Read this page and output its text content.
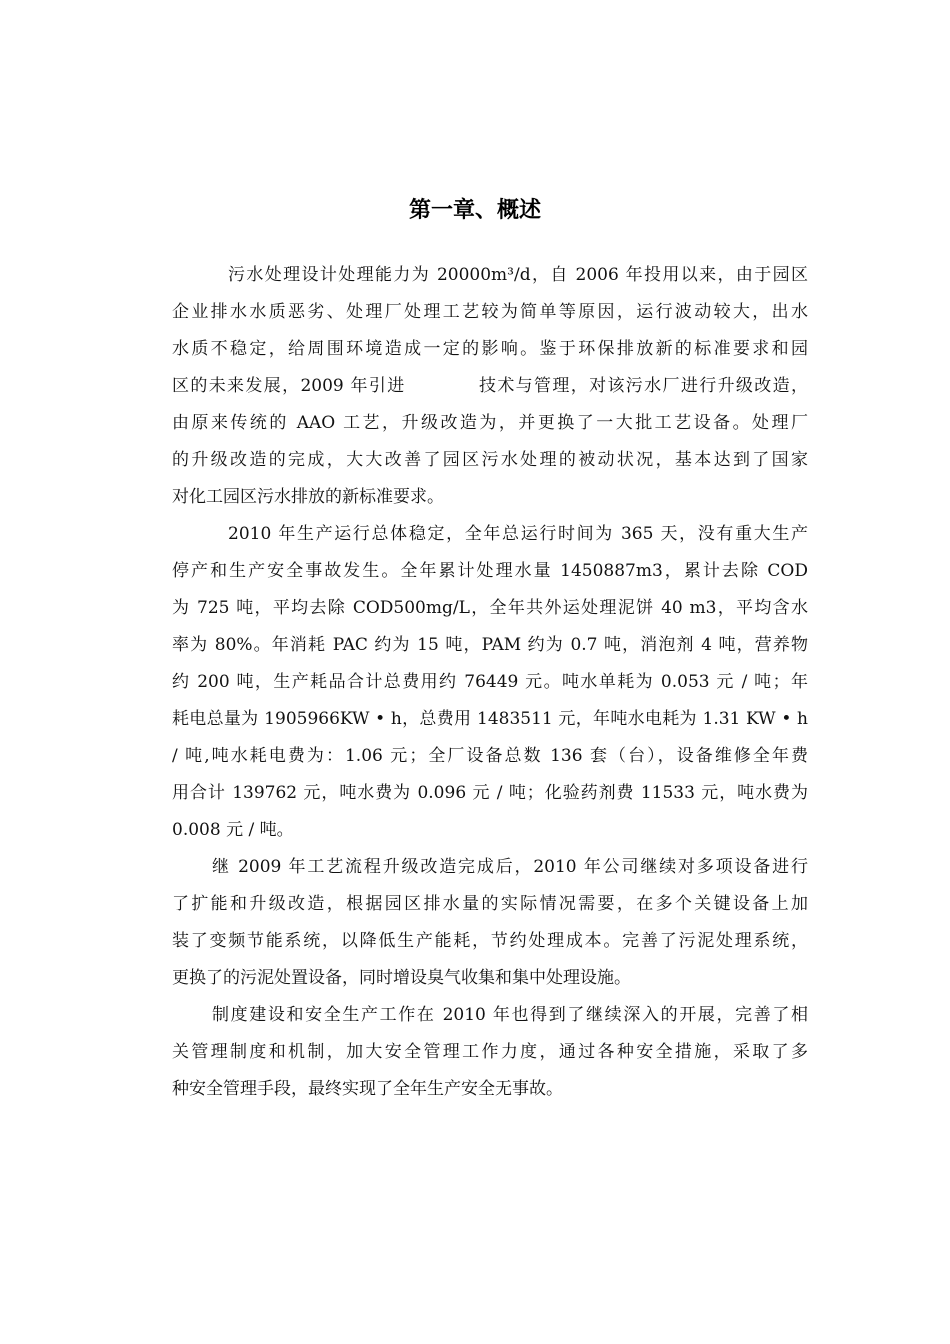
第一章、概述
污水处理设计处理能力为 20000m³/d，自 2006 年投用以来，由于园区
企业排水水质恶劣、处理厂处理工艺较为简单等原因，运行波动较大，出水
水质不稳定，给周围环境造成一定的影响。鉴于环保排放新的标准要求和园
区的未来发展，2009 年引进　　　　技术与管理，对该污水厂进行升级改造，
由原来传统的 AAO 工艺，升级改造为，并更换了一大批工艺设备。处理厂
的升级改造的完成，大大改善了园区污水处理的被动状况，基本达到了国家
对化工园区污水排放的新标准要求。
2010 年生产运行总体稳定，全年总运行时间为 365 天，没有重大生产
停产和生产安全事故发生。全年累计处理水量 1450887m3，累计去除 COD
为 725 吨，平均去除 COD500mg/L，全年共外运处理泥饼 40 m3，平均含水
率为 80%。年消耗 PAC 约为 15 吨，PAM 约为 0.7 吨，消泡剂 4 吨，营养物
约 200 吨，生产耗品合计总费用约 76449 元。吨水单耗为 0.053 元 / 吨；年
耗电总量为 1905966KW • h，总费用 1483511 元，年吨水电耗为 1.31 KW • h
/ 吨,吨水耗电费为：1.06 元；全厂设备总数 136 套（台），设备维修全年费
用合计 139762 元，吨水费为 0.096 元 / 吨；化验药剂费 11533 元，吨水费为
0.008 元 / 吨。
继 2009 年工艺流程升级改造完成后，2010 年公司继续对多项设备进行
了扩能和升级改造，根据园区排水量的实际情况需要，在多个关键设备上加
装了变频节能系统，以降低生产能耗，节约处理成本。完善了污泥处理系统，
更换了的污泥处置设备，同时增设臭气收集和集中处理设施。
制度建设和安全生产工作在 2010 年也得到了继续深入的开展，完善了相
关管理制度和机制，加大安全管理工作力度，通过各种安全措施，采取了多
种安全管理手段，最终实现了全年生产安全无事故。
